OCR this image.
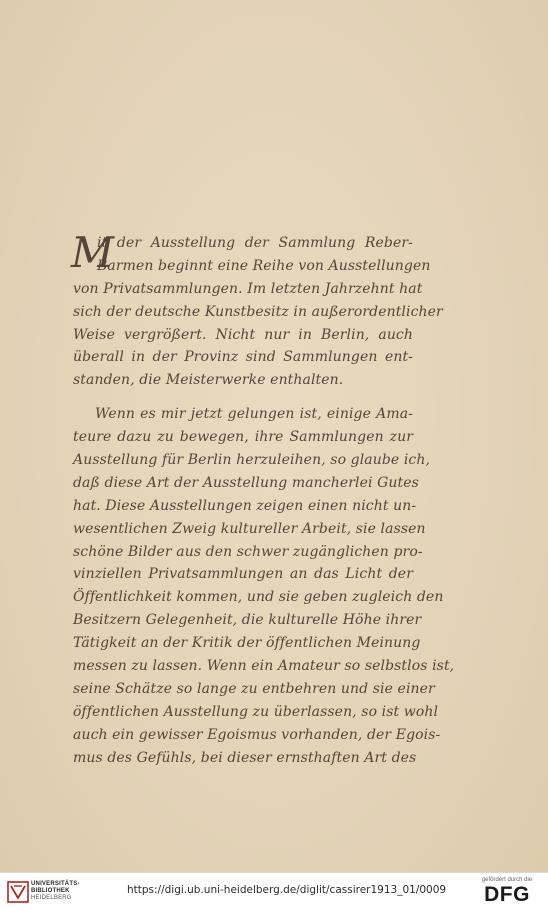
M
it der Ausstellung der Sammlung Reber-
Barmen beginnt eine Reihe von Ausstellungen
von Privatsammlungen. Im letzten Jahrzehnt hat
sich der deutsche Kunstbesitz in außerordentlicher
Weise vergrößert. Nicht nur in Berlin, auch
überall in der Provinz sind Sammlungen ent-
standen, die Meisterwerke enthalten.
Wenn es mir jetzt gelungen ist, einige Ama-
teure dazu zu bewegen, ihre Sammlungen zur
Ausstellung für Berlin herzuleihen, so glaube ich,
daß diese Art der Ausstellung mancherlei Gutes
hat. Diese Ausstellungen zeigen einen nicht un-
wesentlichen Zweig kultureller Arbeit, sie lassen
schöne Bilder aus den schwer zugänglichen pro-
vinziellen Privatsammlungen an das Licht der
Öffentlichkeit kommen, und sie geben zugleich den
Besitzern Gelegenheit, die kulturelle Höhe ihrer
Tätigkeit an der Kritik der öffentlichen Meinung
messen zu lassen. Wenn ein Amateur so selbstlos ist,
seine Schätze so lange zu entbehren und sie einer
öffentlichen Ausstellung zu überlassen, so ist wohl
auch ein gewisser Egoismus vorhanden, der Egois-
mus des Gefühls, bei dieser ernsthaften Art des
UNIVERSITÄTS-
BIBLIOTHEK
HEIDELBERG
https://digi.ub.uni-heidelberg.de/diglit/cassirer1913_01/0009
gefördert durch die
DFG
